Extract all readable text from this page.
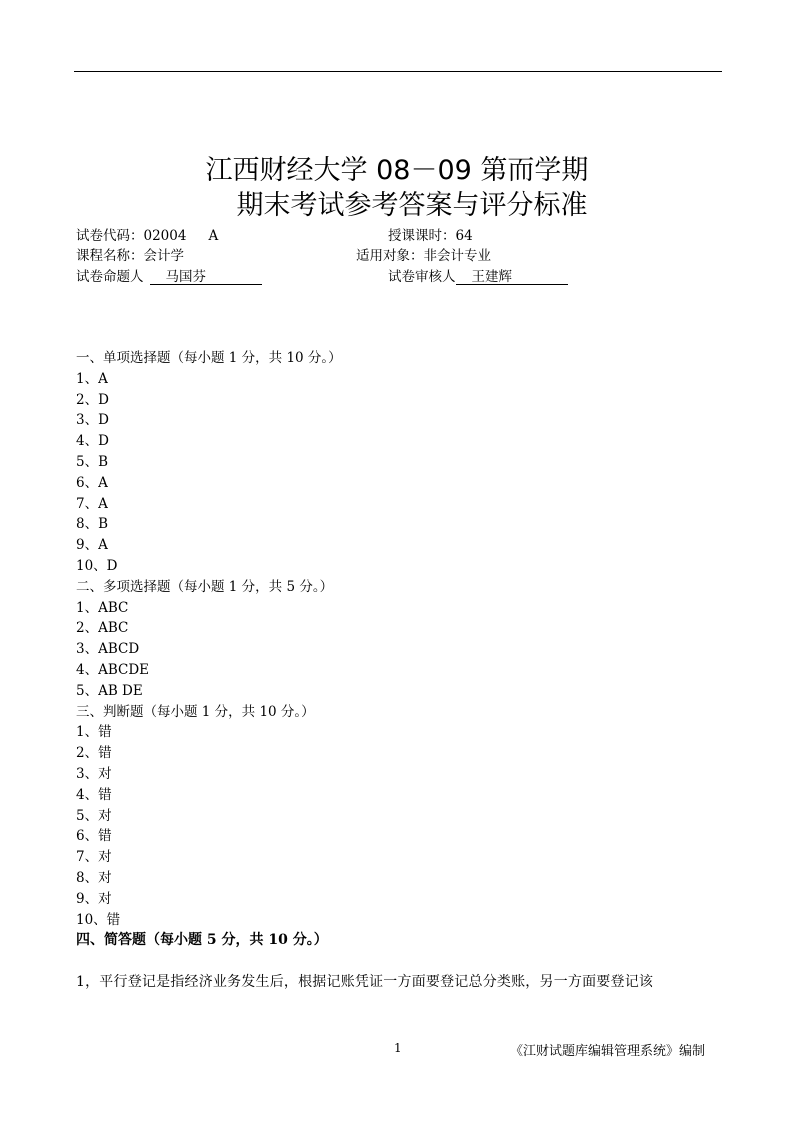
江西财经大学 08－09 第而学期
期末考试参考答案与评分标准
试卷代码：02004 A	授课课时：64
课程名称：会计学	适用对象：非会计专业
试卷命题人 马国芬	试卷审核人 王建辉
一、单项选择题（每小题 1 分，共 10 分。）
1、A
2、D
3、D
4、D
5、B
6、A
7、A
8、B
9、A
10、D
二、多项选择题（每小题 1 分，共 5 分。）
1、ABC
2、ABC
3、ABCD
4、ABCDE
5、AB DE
三、判断题（每小题 1 分，共 10 分。）
1、错
2、错
3、对
4、错
5、对
6、错
7、对
8、对
9、对
10、错
四、简答题（每小题 5 分，共 10 分。）
1，平行登记是指经济业务发生后，根据记账凭证一方面要登记总分类账，另一方面要登记该
1	《江财试题库编辑管理系统》编制
